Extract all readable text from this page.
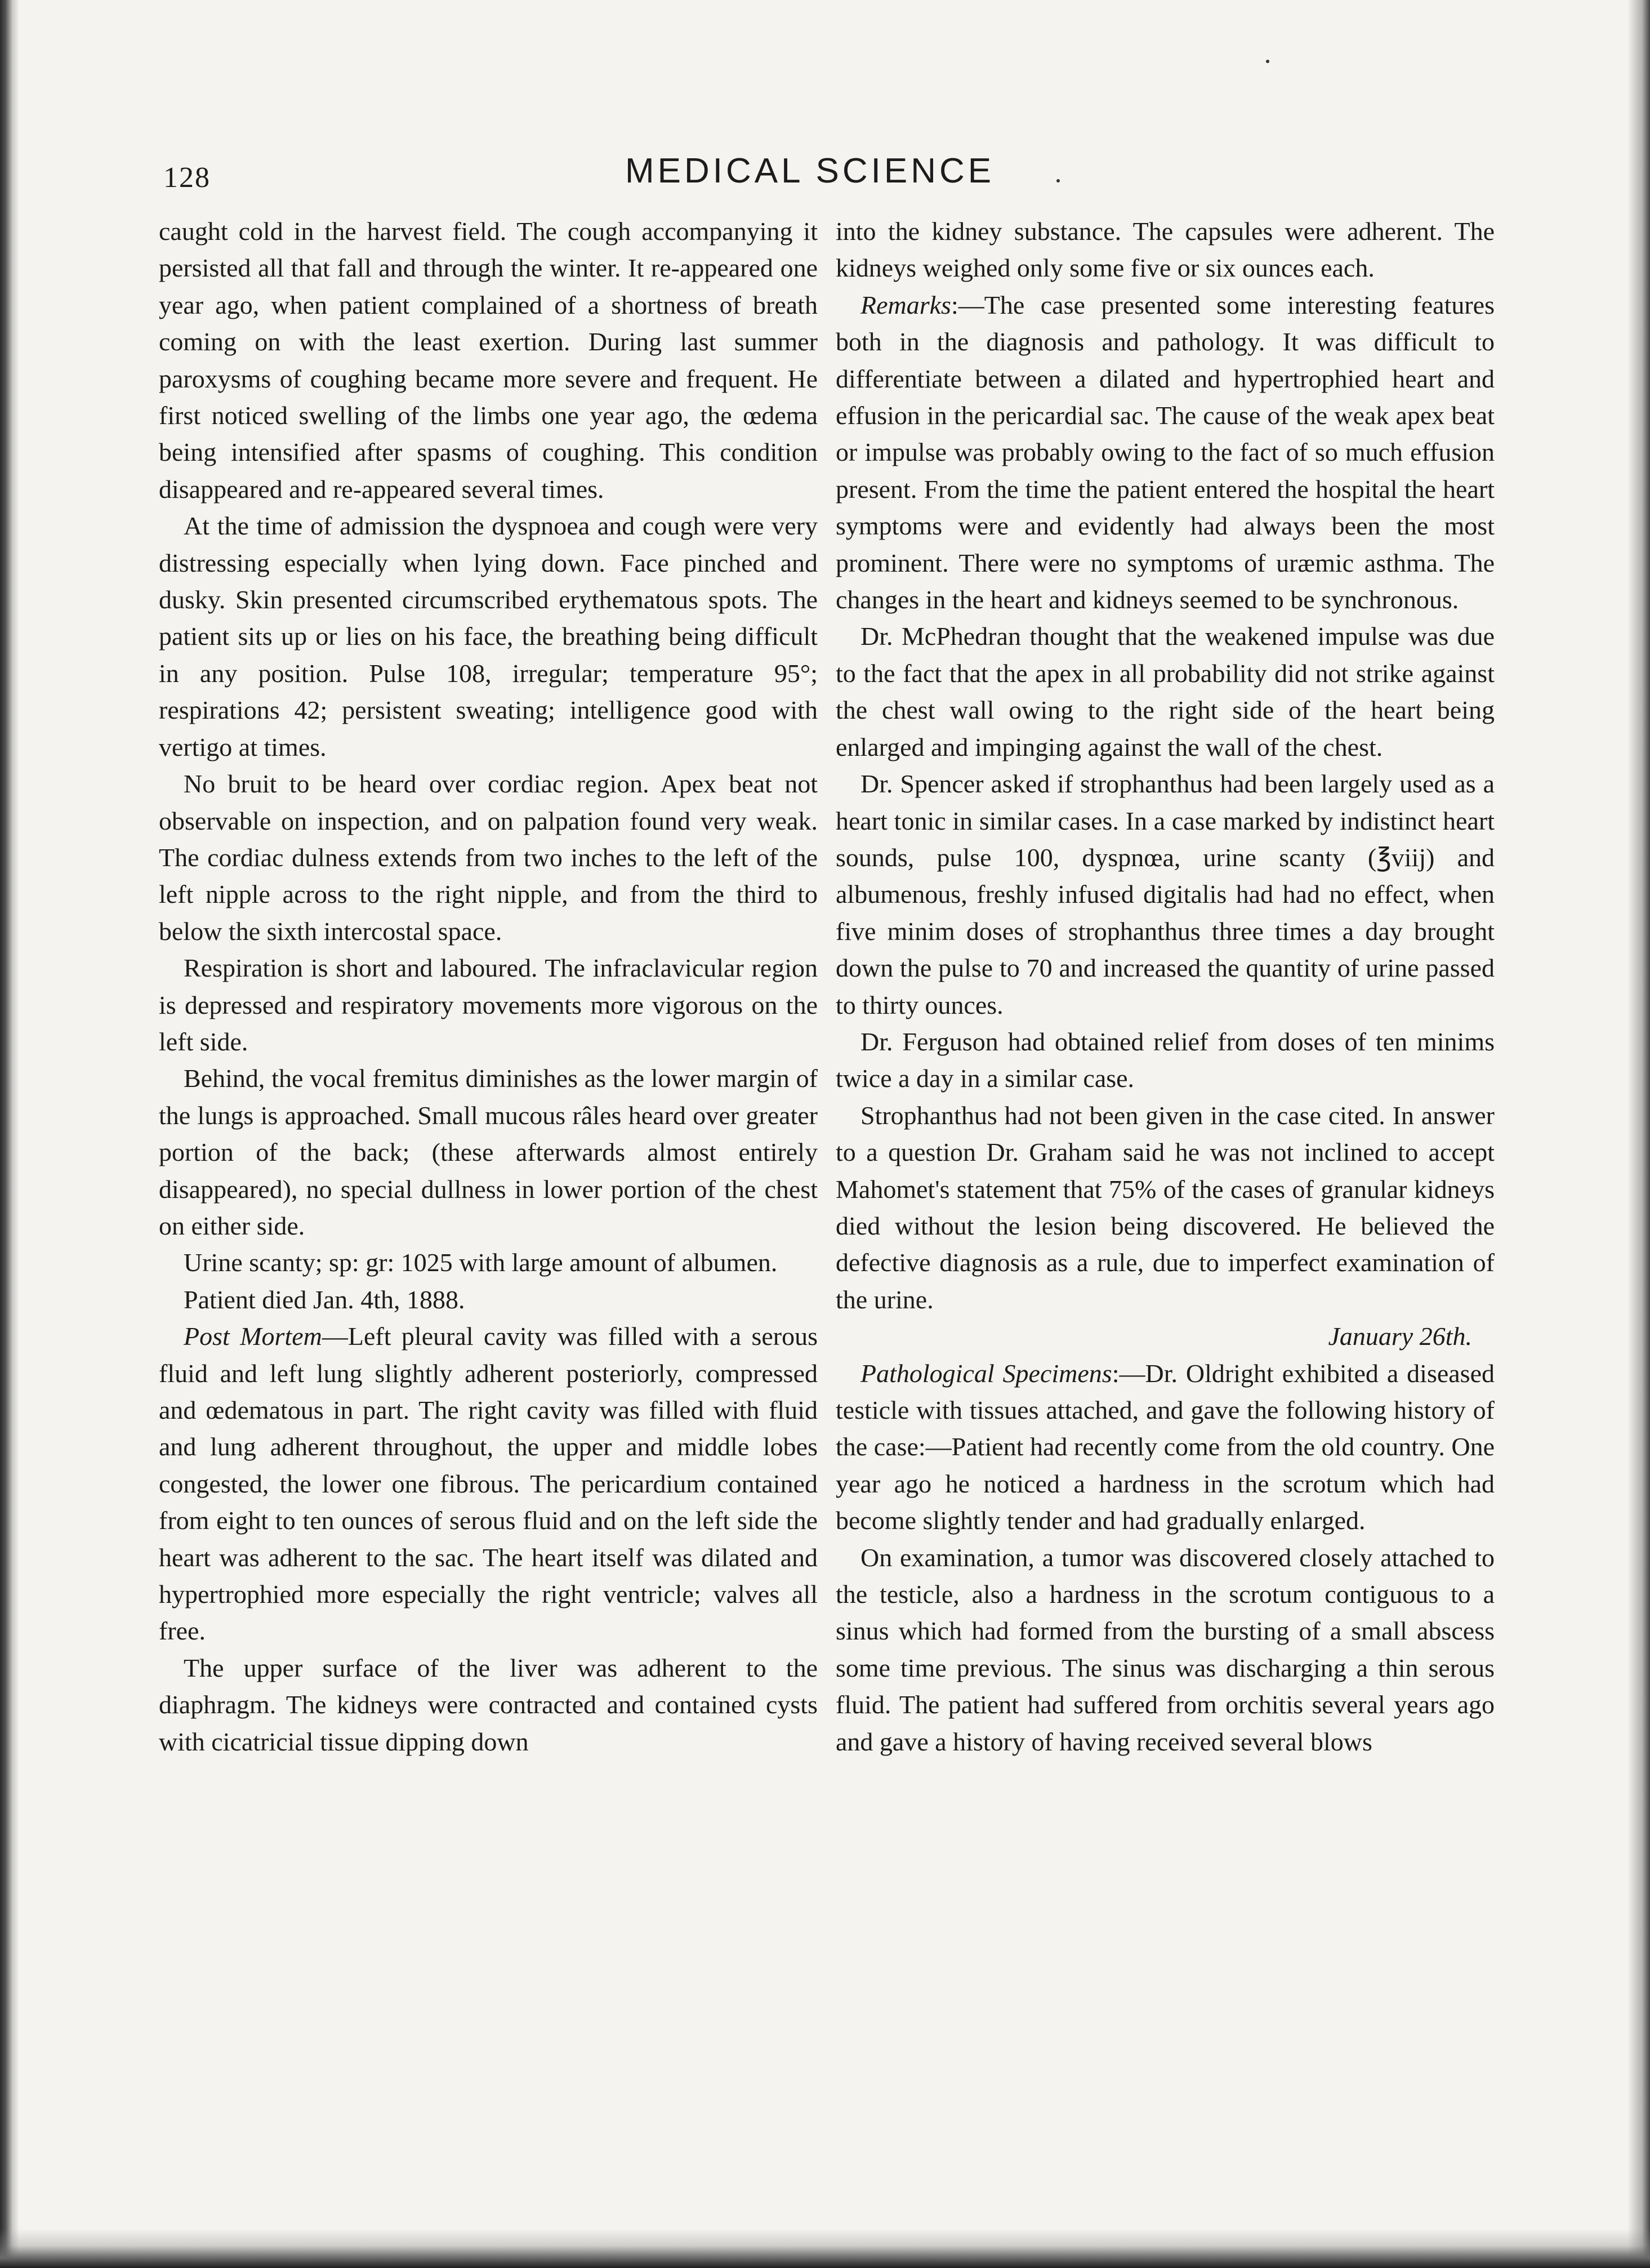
128	MEDICAL SCIENCE

caught cold in the harvest field. The cough accompanying it persisted all that fall and through the winter. It re-appeared one year ago, when patient complained of a shortness of breath coming on with the least exertion. During last summer paroxysms of coughing became more severe and frequent. He first noticed swelling of the limbs one year ago, the œdema being intensified after spasms of coughing. This condition disappeared and re-appeared several times.

At the time of admission the dyspnoea and cough were very distressing especially when lying down. Face pinched and dusky. Skin presented circumscribed erythematous spots. The patient sits up or lies on his face, the breathing being difficult in any position. Pulse 108, irregular; temperature 95°; respirations 42; persistent sweating; intelligence good with vertigo at times.

No bruit to be heard over cordiac region. Apex beat not observable on inspection, and on palpation found very weak. The cordiac dulness extends from two inches to the left of the left nipple across to the right nipple, and from the third to below the sixth intercostal space.

Respiration is short and laboured. The infraclavicular region is depressed and respiratory movements more vigorous on the left side.

Behind, the vocal fremitus diminishes as the lower margin of the lungs is approached. Small mucous râles heard over greater portion of the back; (these afterwards almost entirely disappeared), no special dullness in lower portion of the chest on either side.

Urine scanty; sp: gr: 1025 with large amount of albumen.

Patient died Jan. 4th, 1888.

Post Mortem—Left pleural cavity was filled with a serous fluid and left lung slightly adherent posteriorly, compressed and œdematous in part. The right cavity was filled with fluid and lung adherent throughout, the upper and middle lobes congested, the lower one fibrous. The pericardium contained from eight to ten ounces of serous fluid and on the left side the heart was adherent to the sac. The heart itself was dilated and hypertrophied more especially the right ventricle; valves all free.

The upper surface of the liver was adherent to the diaphragm. The kidneys were contracted and contained cysts with cicatricial tissue dipping down

into the kidney substance. The capsules were adherent. The kidneys weighed only some five or six ounces each.

Remarks:—The case presented some interesting features both in the diagnosis and pathology. It was difficult to differentiate between a dilated and hypertrophied heart and effusion in the pericardial sac. The cause of the weak apex beat or impulse was probably owing to the fact of so much effusion present. From the time the patient entered the hospital the heart symptoms were and evidently had always been the most prominent. There were no symptoms of uræmic asthma. The changes in the heart and kidneys seemed to be synchronous.

Dr. McPhedran thought that the weakened impulse was due to the fact that the apex in all probability did not strike against the chest wall owing to the right side of the heart being enlarged and impinging against the wall of the chest.

Dr. Spencer asked if strophanthus had been largely used as a heart tonic in similar cases. In a case marked by indistinct heart sounds, pulse 100, dyspnœa, urine scanty (℥viij) and albumenous, freshly infused digitalis had had no effect, when five minim doses of strophanthus three times a day brought down the pulse to 70 and increased the quantity of urine passed to thirty ounces.

Dr. Ferguson had obtained relief from doses of ten minims twice a day in a similar case.

Strophanthus had not been given in the case cited. In answer to a question Dr. Graham said he was not inclined to accept Mahomet's statement that 75% of the cases of granular kidneys died without the lesion being discovered. He believed the defective diagnosis as a rule, due to imperfect examination of the urine.

January 26th.

Pathological Specimens:—Dr. Oldright exhibited a diseased testicle with tissues attached, and gave the following history of the case:—Patient had recently come from the old country. One year ago he noticed a hardness in the scrotum which had become slightly tender and had gradually enlarged.

On examination, a tumor was discovered closely attached to the testicle, also a hardness in the scrotum contiguous to a sinus which had formed from the bursting of a small abscess some time previous. The sinus was discharging a thin serous fluid. The patient had suffered from orchitis several years ago and gave a history of having received several blows
